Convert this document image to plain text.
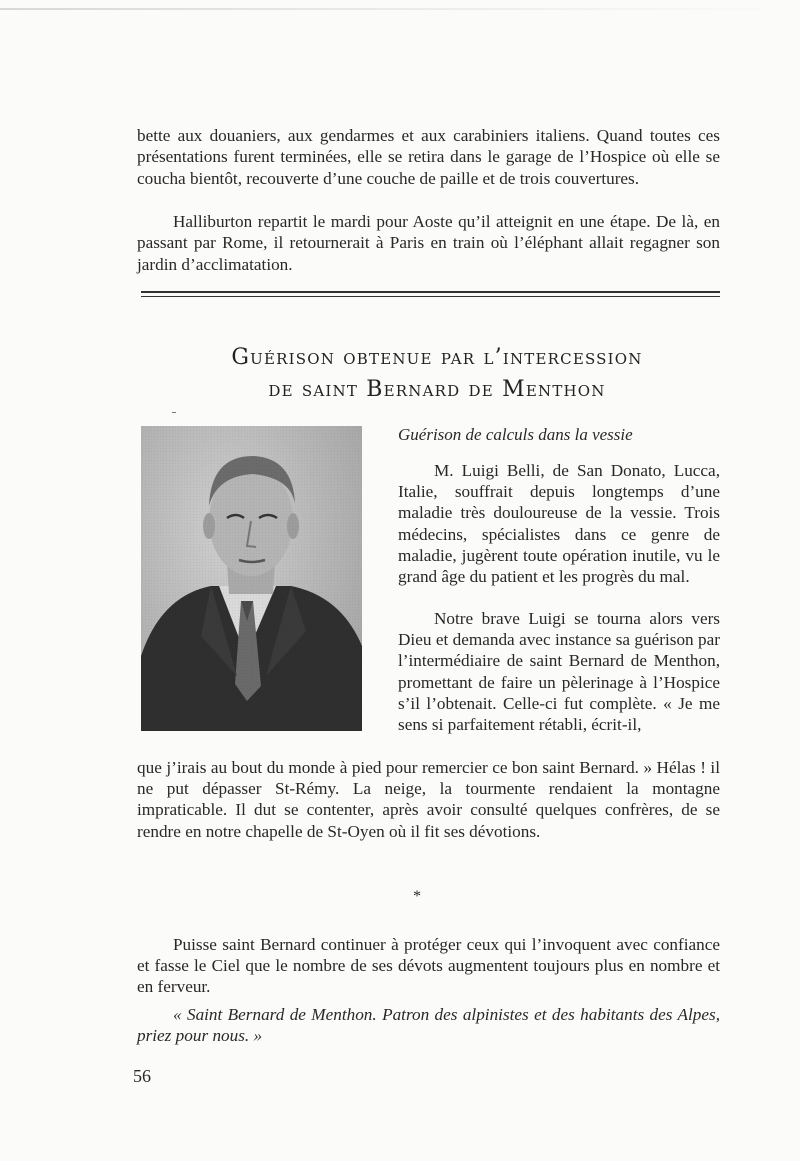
bette aux douaniers, aux gendarmes et aux carabiniers italiens. Quand toutes ces présentations furent terminées, elle se retira dans le garage de l’Hospice où elle se coucha bientôt, recouverte d’une couche de paille et de trois couvertures.

Halliburton repartit le mardi pour Aoste qu’il atteignit en une étape. De là, en passant par Rome, il retournerait à Paris en train où l’éléphant allait regagner son jardin d’acclimatation.

Guérison obtenue par l’intercession
de saint Bernard de Menthon

Guérison de calculs dans la vessie

M. Luigi Belli, de San Donato, Lucca, Italie, souffrait depuis longtemps d’une maladie très douloureuse de la vessie. Trois médecins, spécialistes dans ce genre de maladie, jugèrent toute opération inutile, vu le grand âge du patient et les progrès du mal.

Notre brave Luigi se tourna alors vers Dieu et demanda avec instance sa guérison par l’intermédiaire de saint Bernard de Menthon, promettant de faire un pèlerinage à l’Hospice s’il l’obtenait. Celle-ci fut complète. « Je me sens si parfaitement rétabli, écrit-il,

que j’irais au bout du monde à pied pour remercier ce bon saint Bernard. » Hélas ! il ne put dépasser St-Rémy. La neige, la tourmente rendaient la montagne impraticable. Il dut se contenter, après avoir consulté quelques confrères, de se rendre en notre chapelle de St-Oyen où il fit ses dévotions.

*

Puisse saint Bernard continuer à protéger ceux qui l’invoquent avec confiance et fasse le Ciel que le nombre de ses dévots augmentent toujours plus en nombre et en ferveur.

« Saint Bernard de Menthon. Patron des alpinistes et des habitants des Alpes, priez pour nous. »

56
